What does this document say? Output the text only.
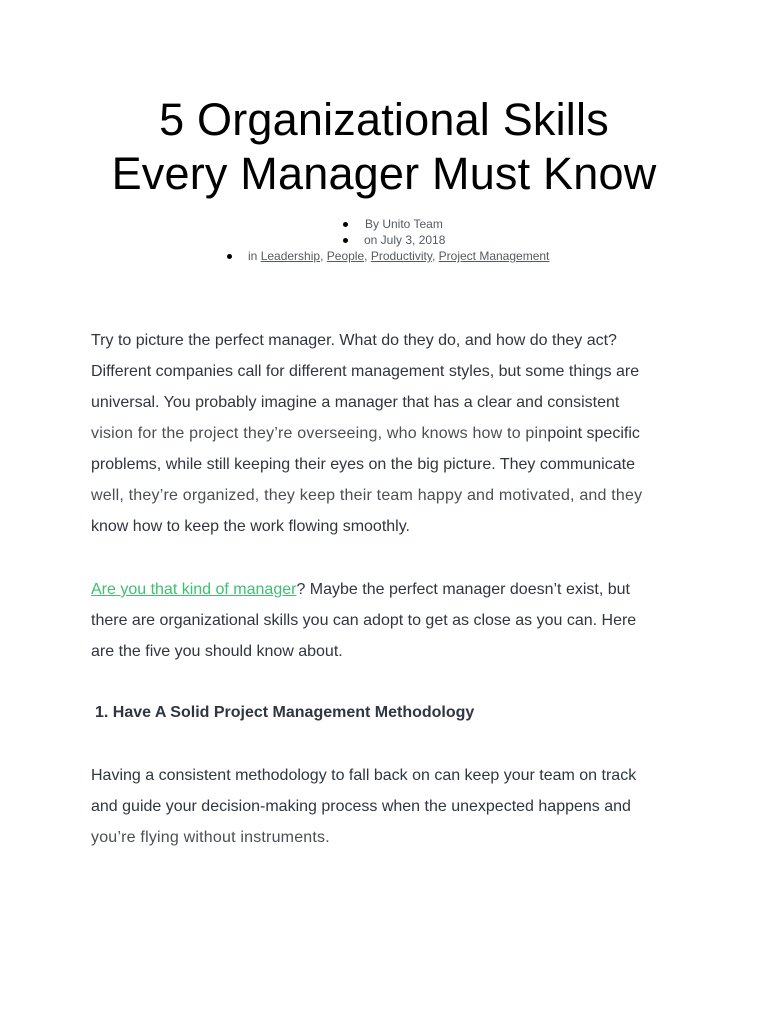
5 Organizational Skills
Every Manager Must Know
By Unito Team
on July 3, 2018
in Leadership, People, Productivity, Project Management

Try to picture the perfect manager. What do they do, and how do they act?
Different companies call for different management styles, but some things are
universal. You probably imagine a manager that has a clear and consistent
vision for the project they’re overseeing, who knows how to pinpoint specific
problems, while still keeping their eyes on the big picture. They communicate
well, they’re organized, they keep their team happy and motivated, and they
know how to keep the work flowing smoothly.

Are you that kind of manager? Maybe the perfect manager doesn’t exist, but
there are organizational skills you can adopt to get as close as you can. Here
are the five you should know about.

1. Have A Solid Project Management Methodology

Having a consistent methodology to fall back on can keep your team on track
and guide your decision-making process when the unexpected happens and
you’re flying without instruments.
